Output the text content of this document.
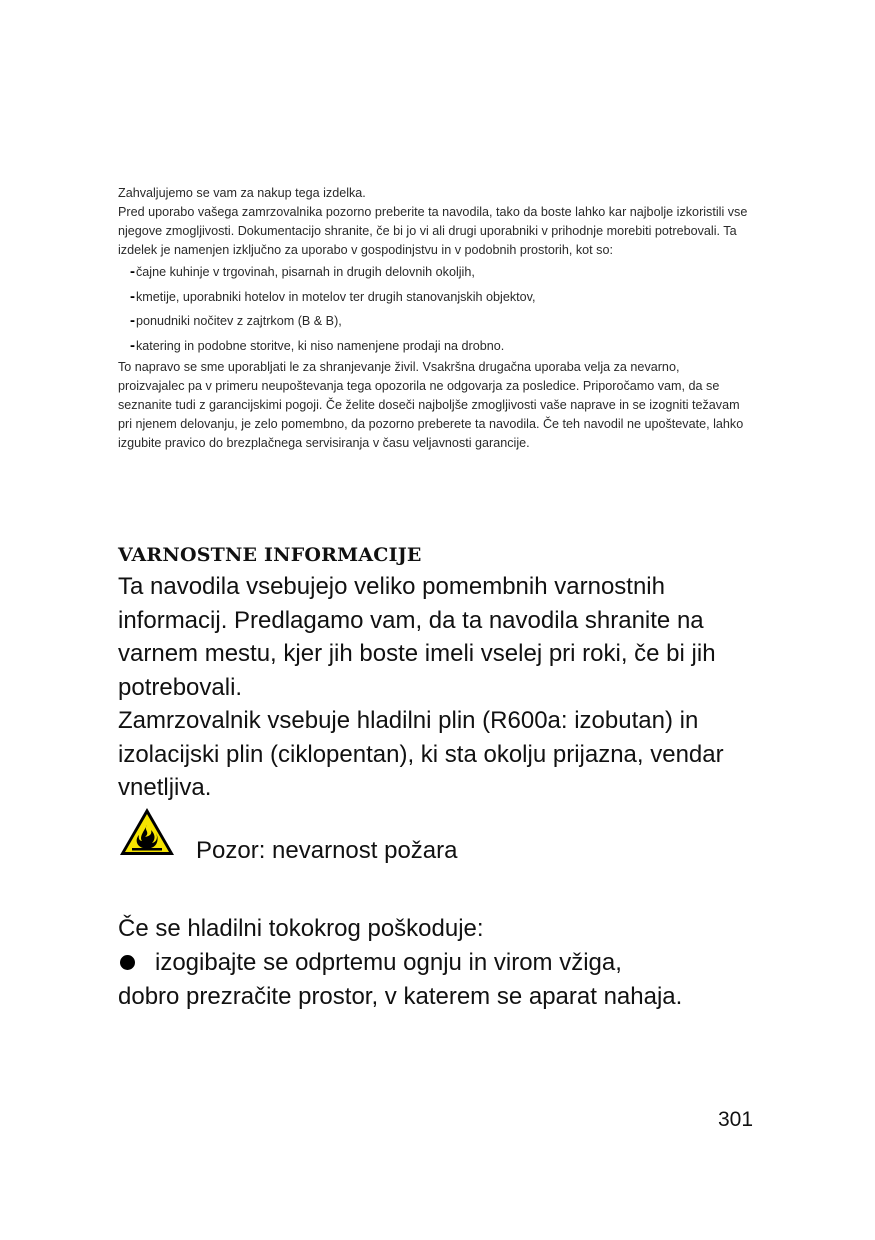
Zahvaljujemo se vam za nakup tega izdelka.

Pred uporabo vašega zamrzovalnika pozorno preberite ta navodila, tako da boste lahko kar najbolje izkoristili vse njegove zmogljivosti. Dokumentacijo shranite, če bi jo vi ali drugi uporabniki v prihodnje morebiti potrebovali. Ta izdelek je namenjen izključno za uporabo v gospodinjstvu in v podobnih prostorih, kot so:

-čajne kuhinje v trgovinah, pisarnah in drugih delovnih okoljih,
-kmetije, uporabniki hotelov in motelov ter drugih stanovanjskih objektov,
-ponudniki nočitev z zajtrkom (B & B),
-katering in podobne storitve, ki niso namenjene prodaji na drobno.

To napravo se sme uporabljati le za shranjevanje živil. Vsakršna drugačna uporaba velja za nevarno, proizvajalec pa v primeru neupoštevanja tega opozorila ne odgovarja za posledice. Priporočamo vam, da se seznanite tudi z garancijskimi pogoji. Če želite doseči najboljše zmogljivosti vaše naprave in se izogniti težavam pri njenem delovanju, je zelo pomembno, da pozorno preberete ta navodila. Če teh navodil ne upoštevate, lahko izgubite pravico do brezplačnega servisiranja v času veljavnosti garancije.

VARNOSTNE INFORMACIJE

Ta navodila vsebujejo veliko pomembnih varnostnih informacij. Predlagamo vam, da ta navodila shranite na varnem mestu, kjer jih boste imeli vselej pri roki, če bi jih potrebovali.

Zamrzovalnik vsebuje hladilni plin (R600a: izobutan) in izolacijski plin (ciklopentan), ki sta okolju prijazna, vendar vnetljiva.

Pozor: nevarnost požara
Če se hladilni tokokrog poškoduje:
izogibajte se odprtemu ognju in virom vžiga,
dobro prezračite prostor, v katerem se aparat nahaja.
301
